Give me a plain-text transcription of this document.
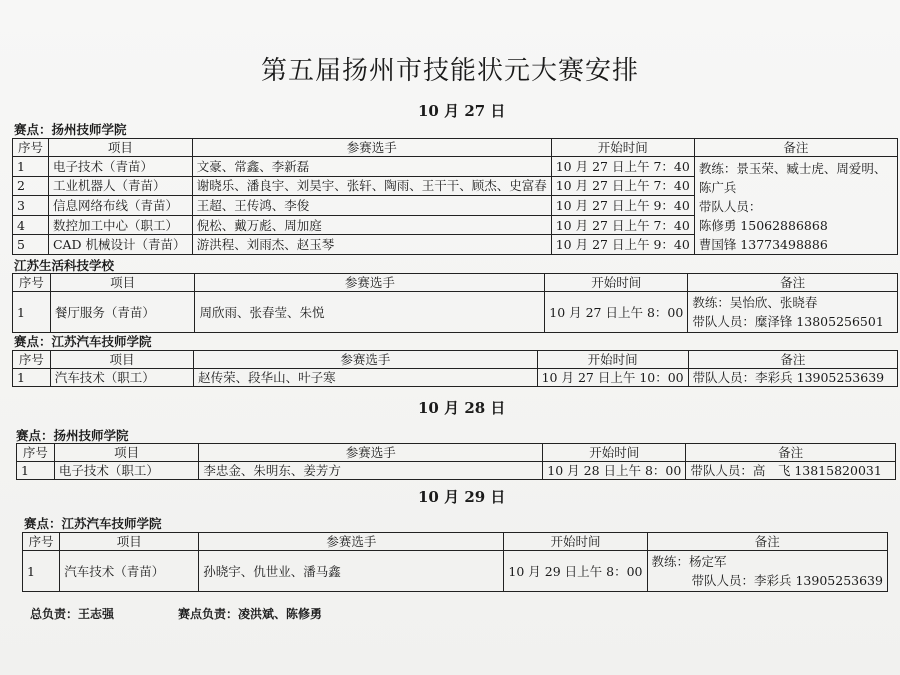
第五届扬州市技能状元大赛安排
10 月 27 日
赛点：扬州技师学院
序号	项目	参赛选手	开始时间	备注
1	电子技术（青苗）	文豪、常鑫、李新磊	10 月 27 日上午 7：40	教练：景玉荣、臧士虎、周爱明、
陈广兵
带队人员：
陈修勇 15062886868
曹国锋 13773498886

2	工业机器人（青苗）	谢晓乐、潘良宇、刘昊宇、张轩、陶雨、王干干、顾杰、史富春	10 月 27 日上午 7：40	
3	信息网络布线（青苗）	王超、王传鸿、李俊	10 月 27 日上午 9：40	
4	数控加工中心（职工）	倪松、戴万彪、周加庭	10 月 27 日上午 7：40	
5	CAD 机械设计（青苗）	游洪程、刘雨杰、赵玉琴	10 月 27 日上午 9：40	
江苏生活科技学校
序号	项目	参赛选手	开始时间	备注
1	餐厅服务（青苗）	周欣雨、张春莹、朱悦	10 月 27 日上午 8：00	教练：吴怡欣、张晓春
带队人员：糜泽锋 13805256501
赛点：江苏汽车技师学院
序号	项目	参赛选手	开始时间	备注
1	汽车技术（职工）	赵传荣、段华山、叶子寒	10 月 27 日上午 10：00	带队人员：李彩兵 13905253639
10 月 28 日
赛点：扬州技师学院
序号	项目	参赛选手	开始时间	备注
1	电子技术（职工）	李忠金、朱明东、姜芳方	10 月 28 日上午 8：00	带队人员：高　飞 13815820031
10 月 29 日
赛点：江苏汽车技师学院
序号	项目	参赛选手	开始时间	备注
1	汽车技术（青苗）	孙晓宇、仇世业、潘马鑫	10 月 29 日上午 8：00	教练：杨定军
带队人员：李彩兵 13905253639
总负责：王志强	赛点负责：凌洪斌、陈修勇
